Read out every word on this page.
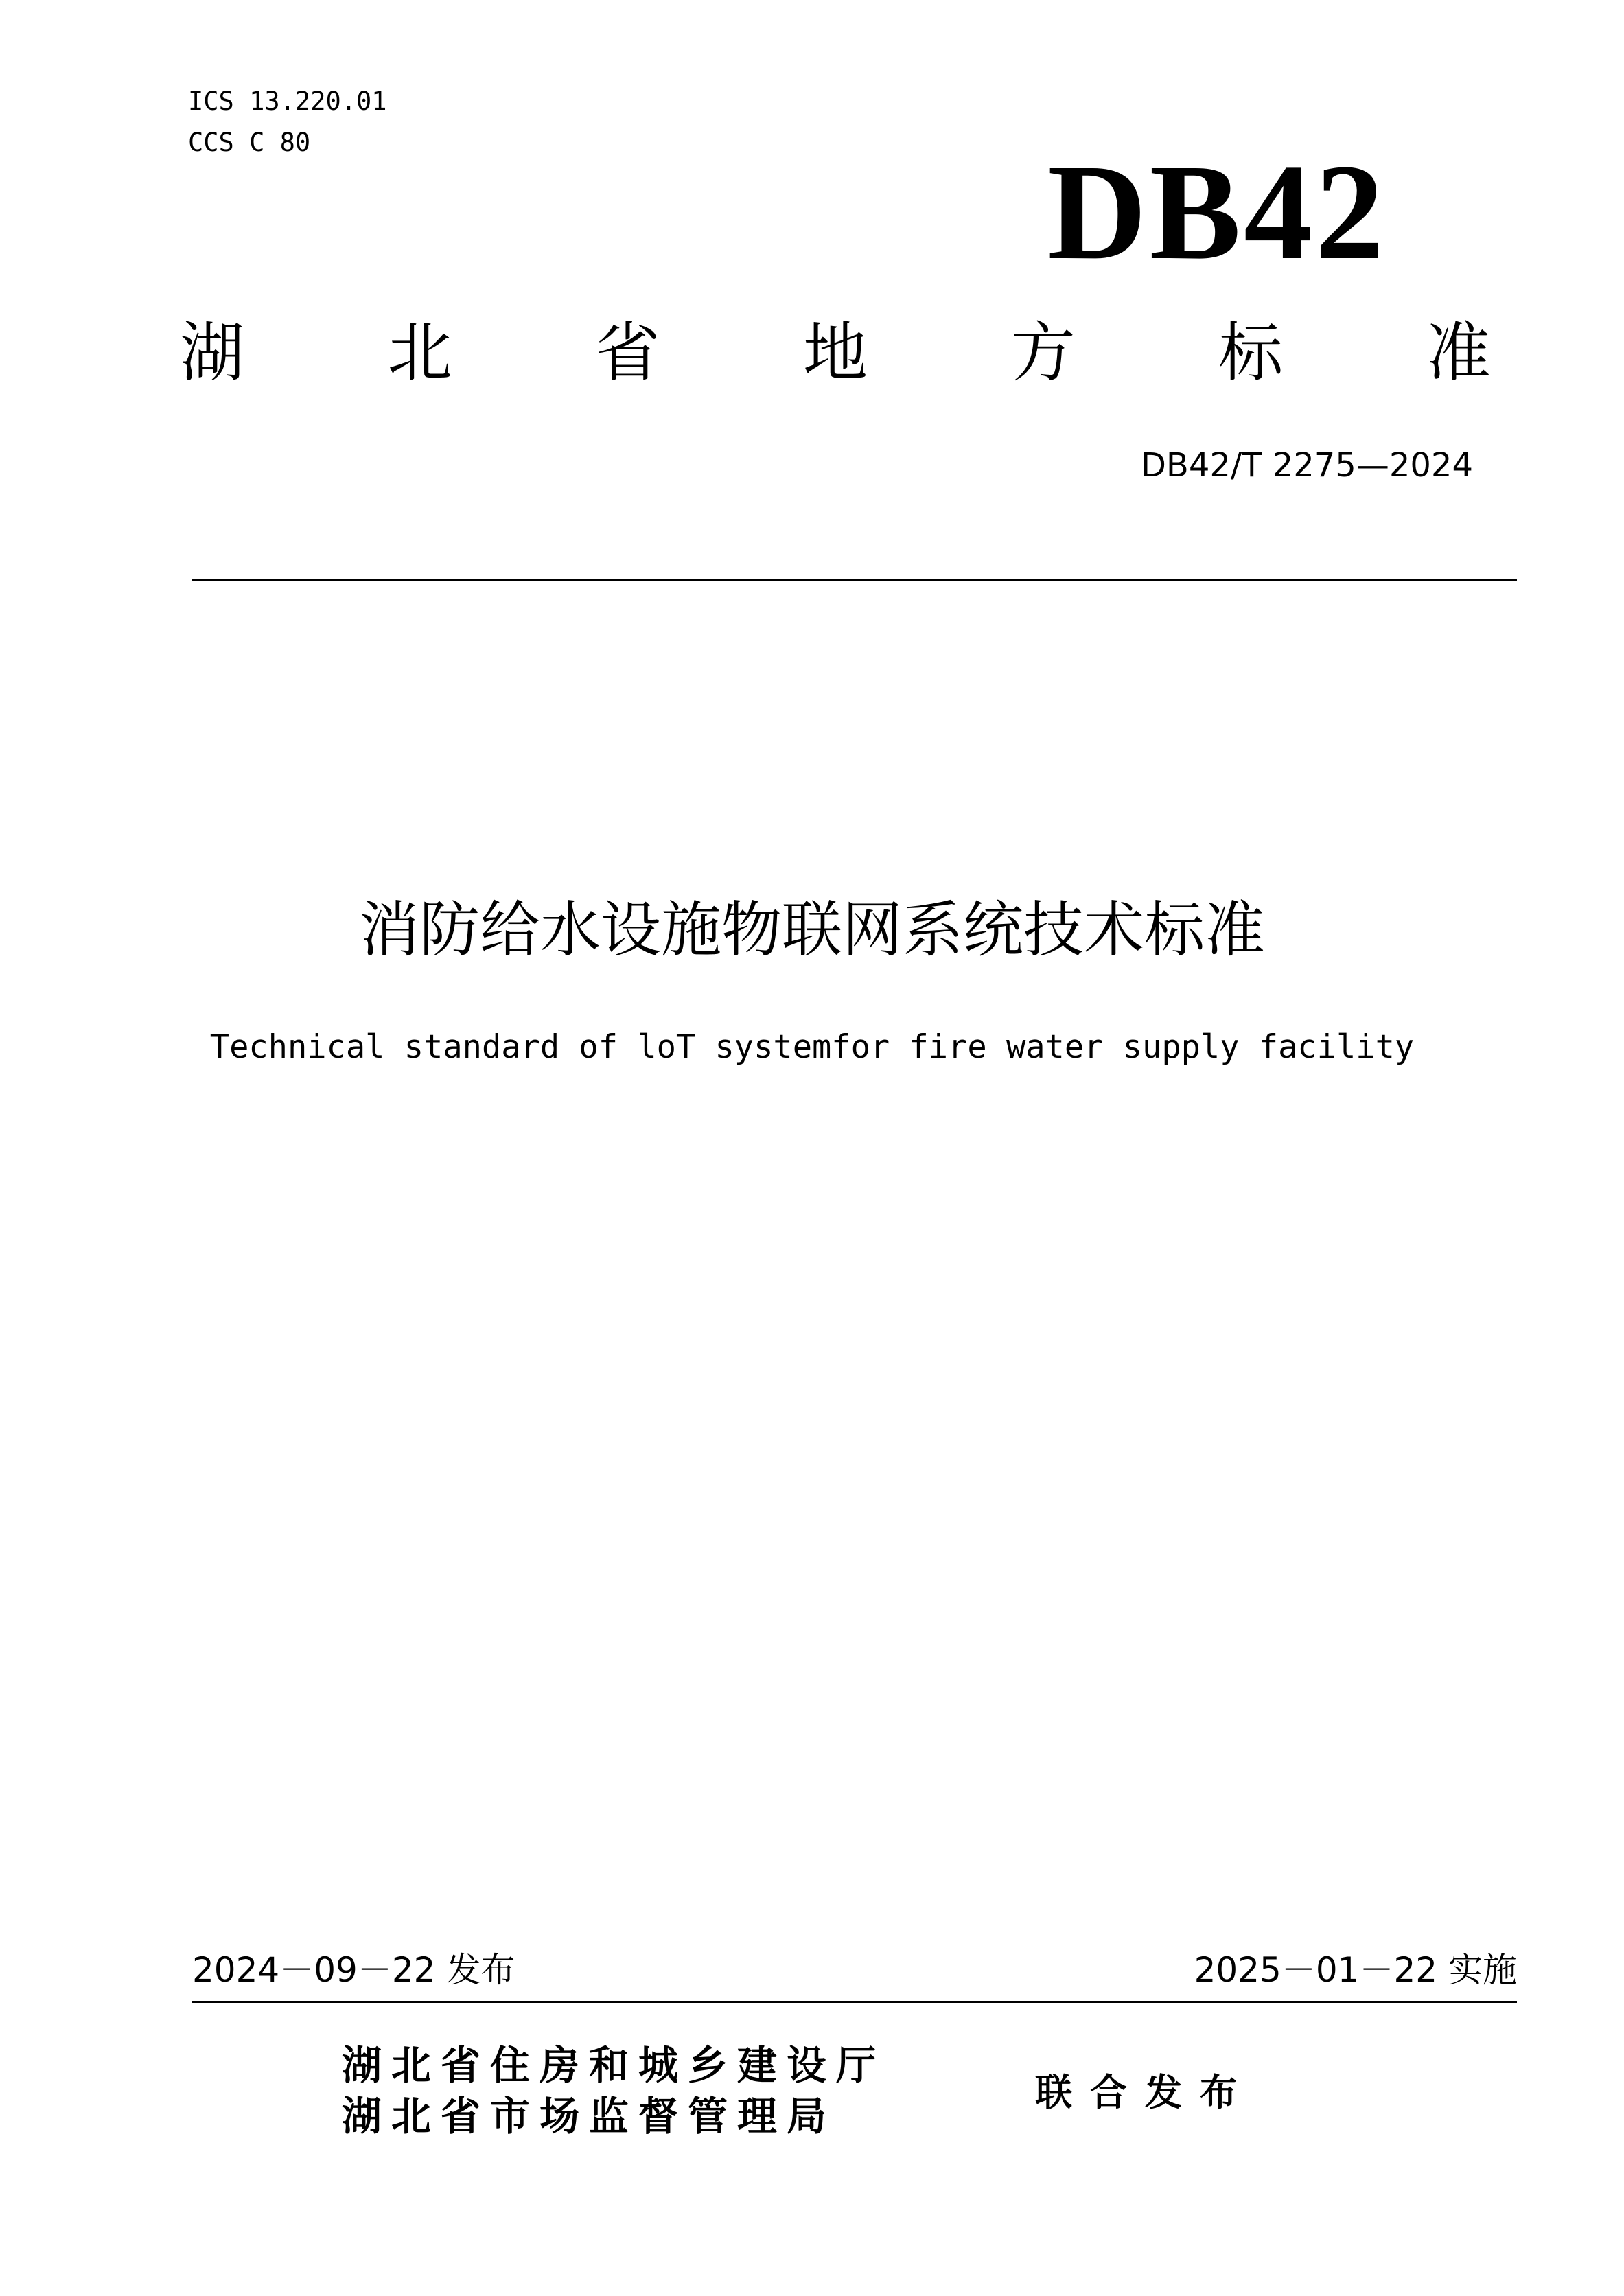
ICS 13.220.01
CCS C 80	DB42
湖 北 省 地 方 标 准
DB42/T 2275—2024
消防给水设施物联网系统技术标准
Technical standard of loT systemfor fire water supply facility
2024－09－22 发布	2025－01－22 实施
湖北省住房和城乡建设厅
湖北省市场监督管理局
联合发布
